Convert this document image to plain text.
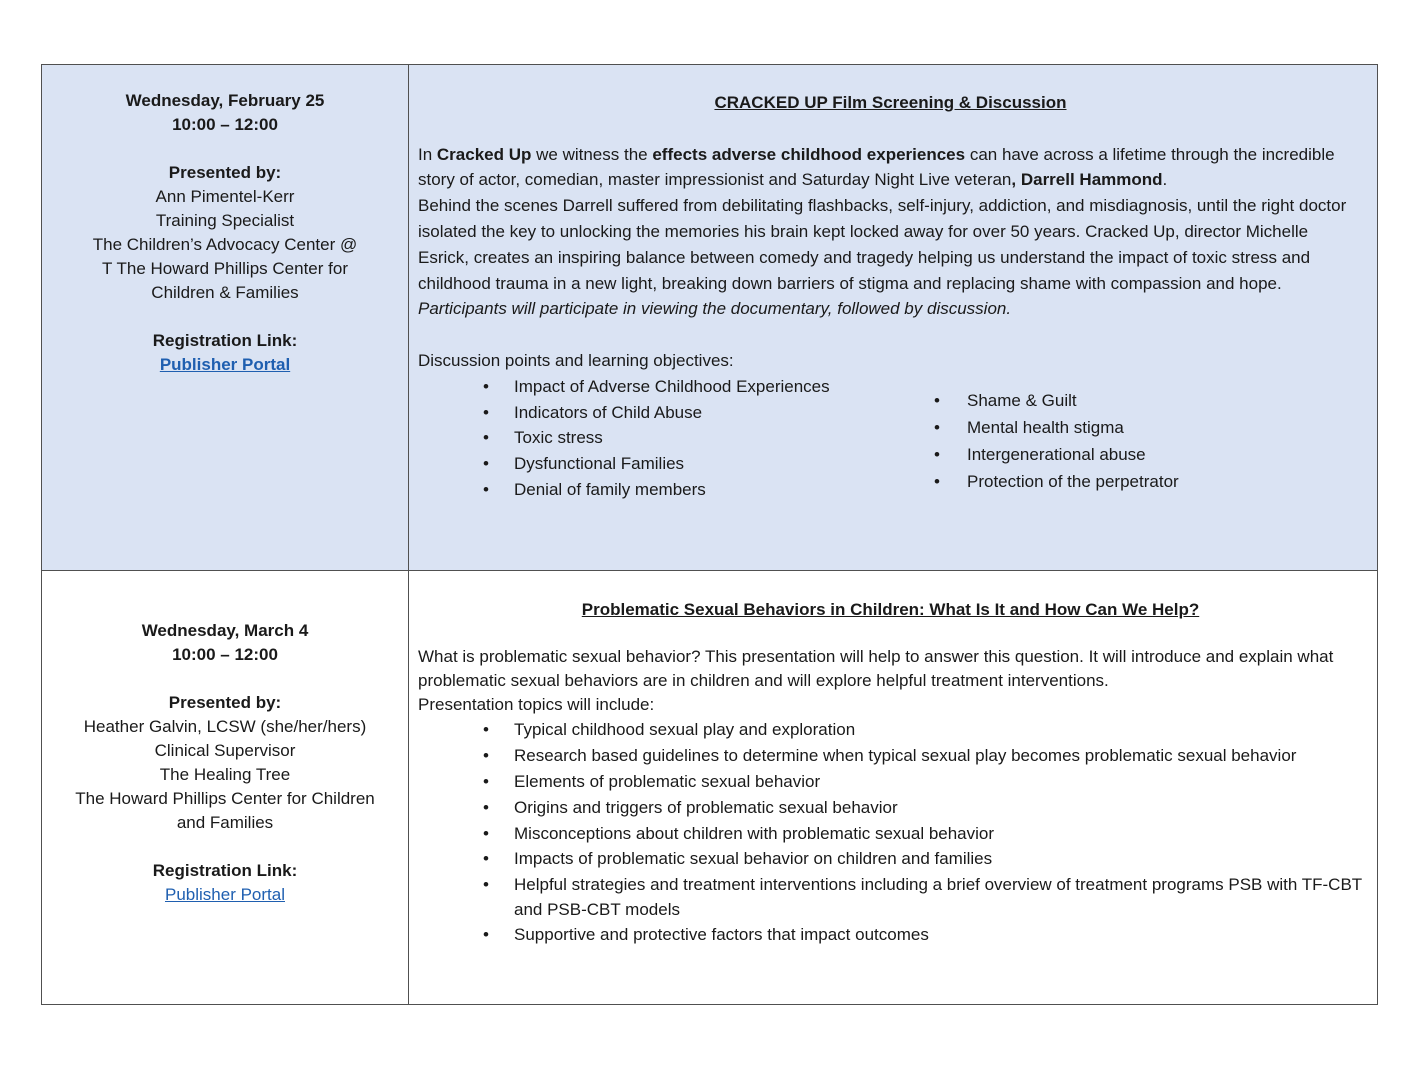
Wednesday, February 25
10:00 – 12:00
Presented by:
Ann Pimentel-Kerr
Training Specialist
The Children’s Advocacy Center @
T The Howard Phillips Center for
Children & Families
Registration Link:
Publisher Portal

CRACKED UP Film Screening & Discussion
In Cracked Up we witness the effects adverse childhood experiences can have across a lifetime through the incredible story of actor, comedian, master impressionist and Saturday Night Live veteran, Darrell Hammond.
Behind the scenes Darrell suffered from debilitating flashbacks, self-injury, addiction, and misdiagnosis, until the right doctor isolated the key to unlocking the memories his brain kept locked away for over 50 years. Cracked Up, director Michelle Esrick, creates an inspiring balance between comedy and tragedy helping us understand the impact of toxic stress and childhood trauma in a new light, breaking down barriers of stigma and replacing shame with compassion and hope.
Participants will participate in viewing the documentary, followed by discussion.
Discussion points and learning objectives:
•
Impact of Adverse Childhood Experiences
•
Indicators of Child Abuse
•
Toxic stress
•
Dysfunctional Families
•
Denial of family members
•
Shame & Guilt
•
Mental health stigma
•
Intergenerational abuse
•
Protection of the perpetrator

Wednesday, March 4
10:00 – 12:00
Presented by:
Heather Galvin, LCSW (she/her/hers)
Clinical Supervisor
The Healing Tree
The Howard Phillips Center for Children
and Families
Registration Link:
Publisher Portal

Problematic Sexual Behaviors in Children: What Is It and How Can We Help?
What is problematic sexual behavior? This presentation will help to answer this question. It will introduce and explain what problematic sexual behaviors are in children and will explore helpful treatment interventions.
Presentation topics will include:
•
Typical childhood sexual play and exploration
•
Research based guidelines to determine when typical sexual play becomes problematic sexual behavior
•
Elements of problematic sexual behavior
•
Origins and triggers of problematic sexual behavior
•
Misconceptions about children with problematic sexual behavior
•
Impacts of problematic sexual behavior on children and families
•
Helpful strategies and treatment interventions including a brief overview of treatment programs PSB with TF-CBT and PSB-CBT models
•
Supportive and protective factors that impact outcomes
